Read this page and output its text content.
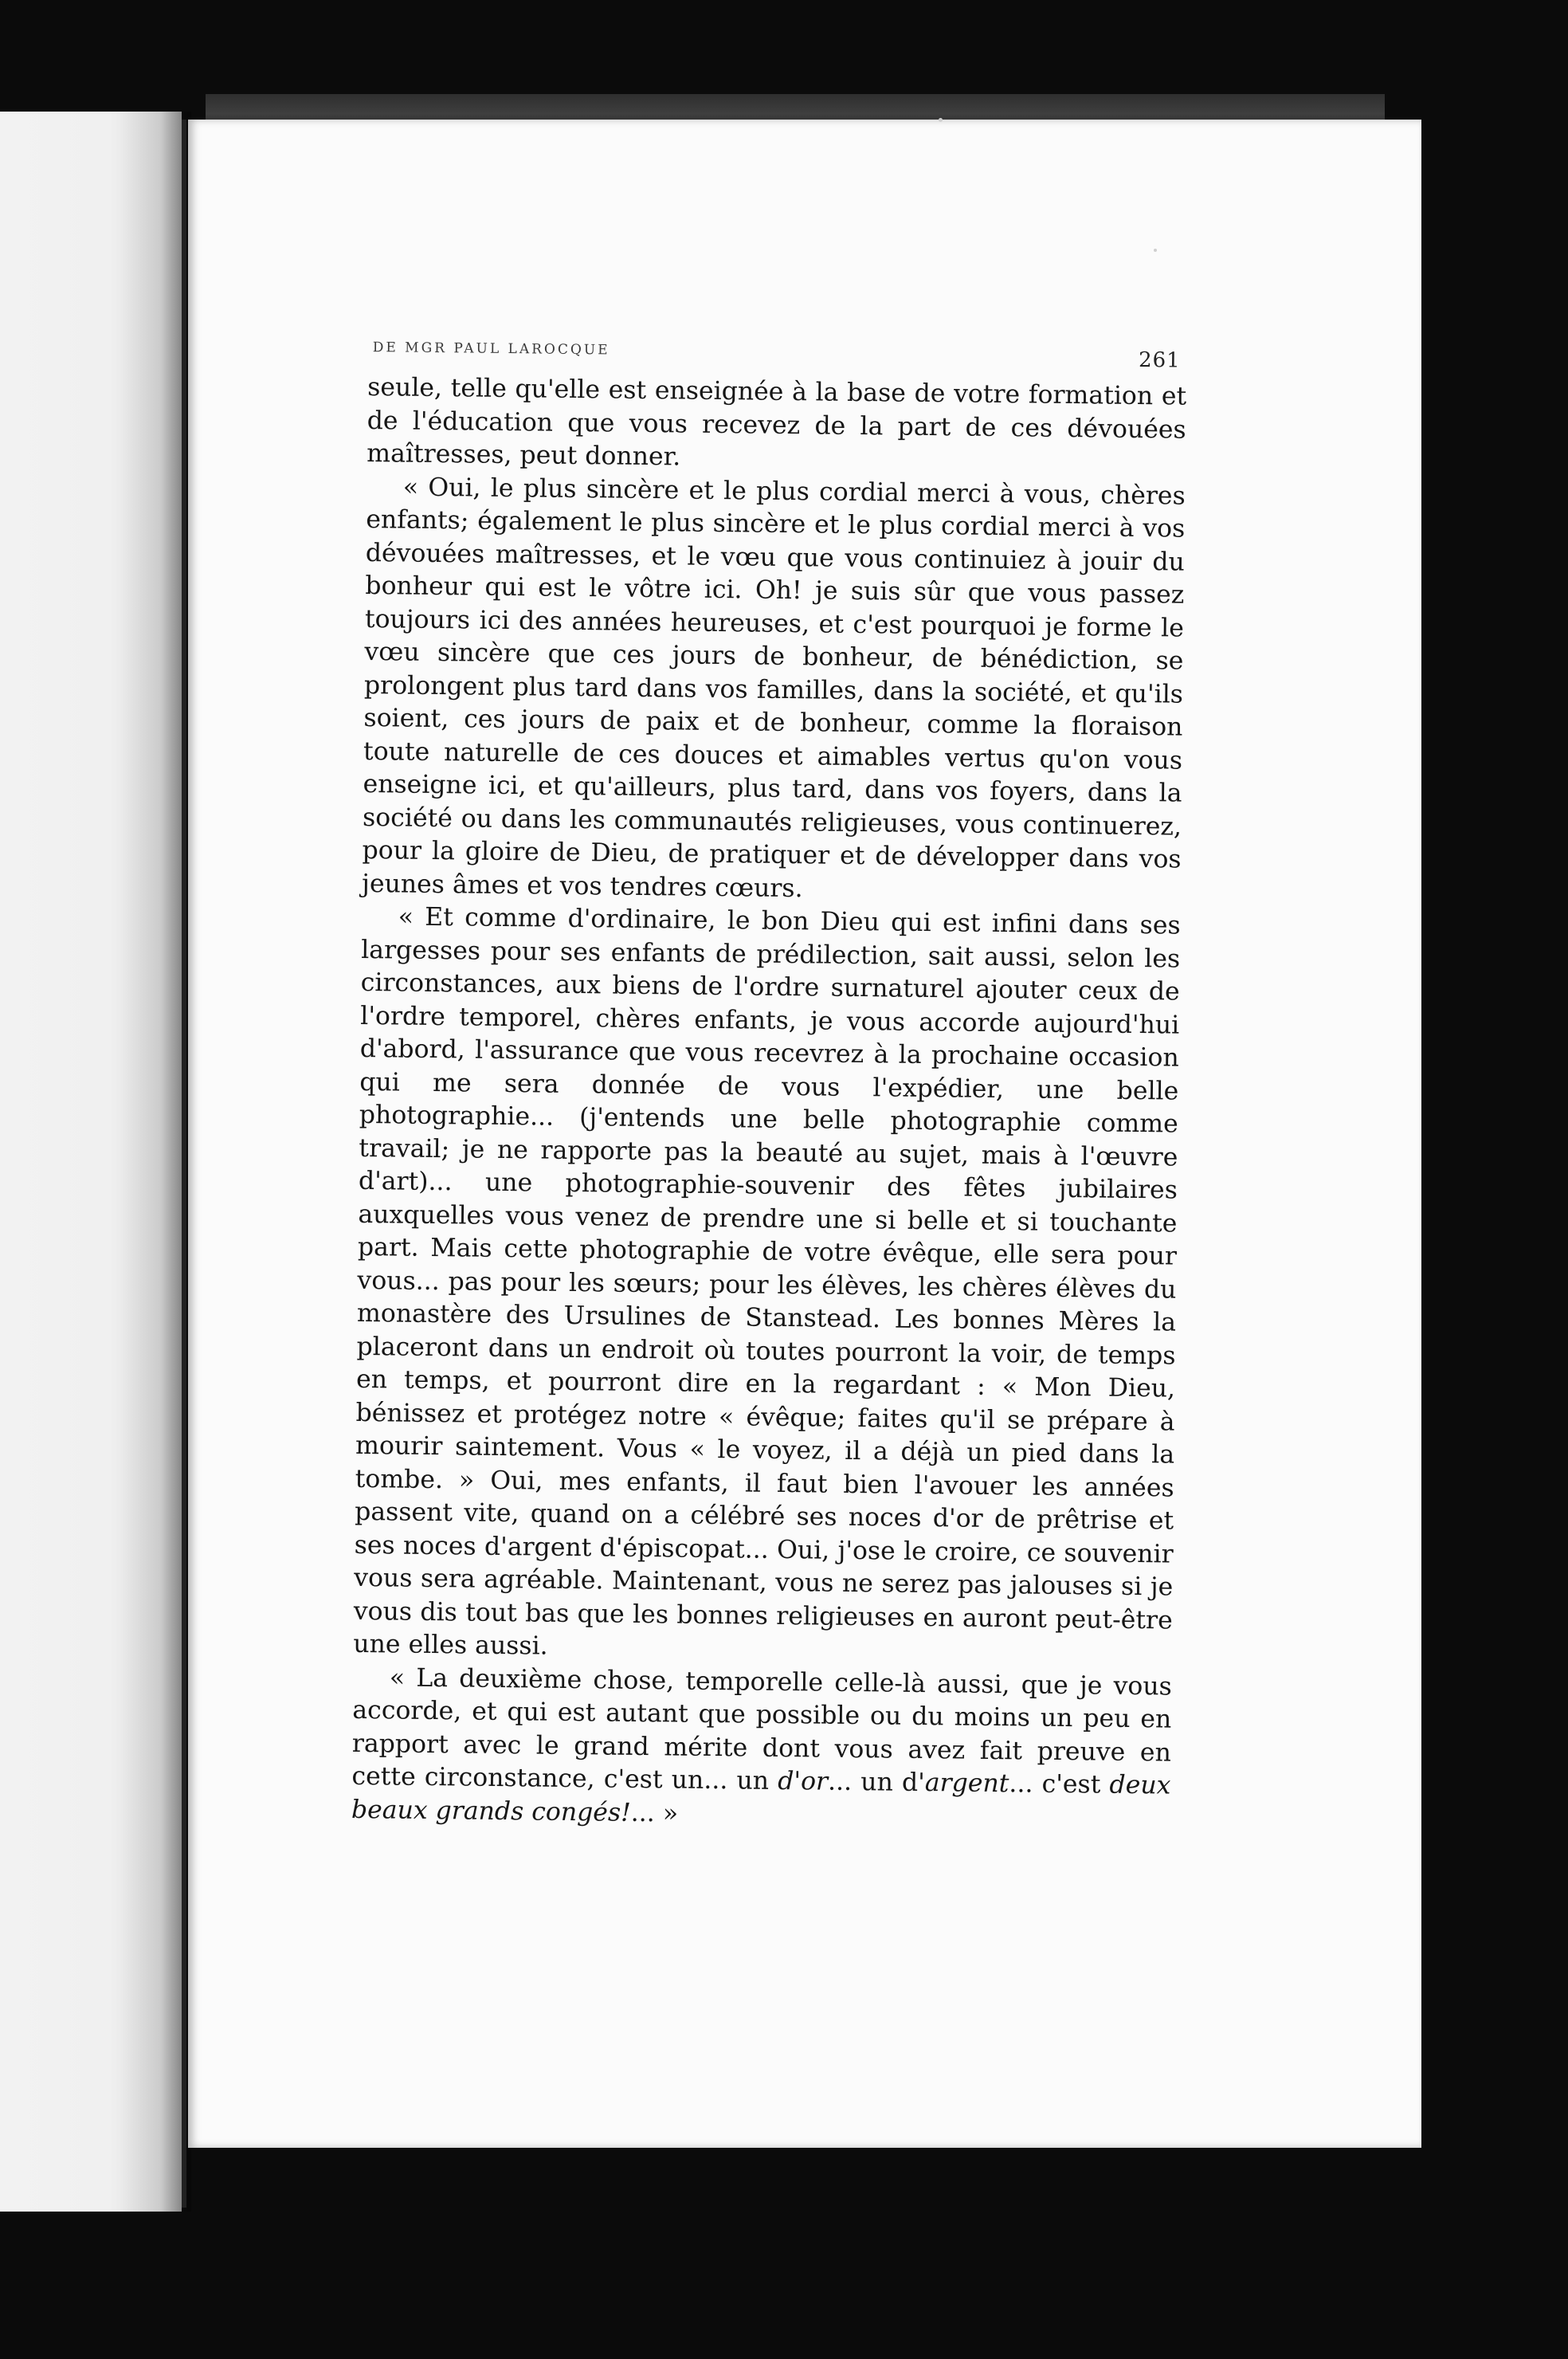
DE MGR PAUL LAROCQUE	261

seule, telle qu'elle est enseignée à la base de votre formation et de l'éducation que vous recevez de la part de ces dévouées maîtresses, peut donner.

« Oui, le plus sincère et le plus cordial merci à vous, chères enfants; également le plus sincère et le plus cordial merci à vos dévouées maîtresses, et le vœu que vous continuiez à jouir du bonheur qui est le vôtre ici. Oh! je suis sûr que vous passez toujours ici des années heureuses, et c'est pourquoi je forme le vœu sincère que ces jours de bonheur, de bénédiction, se prolongent plus tard dans vos familles, dans la société, et qu'ils soient, ces jours de paix et de bonheur, comme la floraison toute naturelle de ces douces et aimables vertus qu'on vous enseigne ici, et qu'ailleurs, plus tard, dans vos foyers, dans la société ou dans les communautés religieuses, vous continuerez, pour la gloire de Dieu, de pratiquer et de développer dans vos jeunes âmes et vos tendres cœurs.

« Et comme d'ordinaire, le bon Dieu qui est infini dans ses largesses pour ses enfants de prédilection, sait aussi, selon les circonstances, aux biens de l'ordre surnaturel ajouter ceux de l'ordre temporel, chères enfants, je vous accorde aujourd'hui d'abord, l'assurance que vous recevrez à la prochaine occasion qui me sera donnée de vous l'expédier, une belle photographie... (j'entends une belle photographie comme travail; je ne rapporte pas la beauté au sujet, mais à l'œuvre d'art)... une photographie-souvenir des fêtes jubilaires auxquelles vous venez de prendre une si belle et si touchante part. Mais cette photographie de votre évêque, elle sera pour vous... pas pour les sœurs; pour les élèves, les chères élèves du monastère des Ursulines de Stanstead. Les bonnes Mères la placeront dans un endroit où toutes pourront la voir, de temps en temps, et pourront dire en la regardant : « Mon Dieu, bénissez et protégez notre « évêque; faites qu'il se prépare à mourir saintement. Vous « le voyez, il a déjà un pied dans la tombe. » Oui, mes enfants, il faut bien l'avouer les années passent vite, quand on a célébré ses noces d'or de prêtrise et ses noces d'argent d'épiscopat... Oui, j'ose le croire, ce souvenir vous sera agréable. Maintenant, vous ne serez pas jalouses si je vous dis tout bas que les bonnes religieuses en auront peut-être une elles aussi.

« La deuxième chose, temporelle celle-là aussi, que je vous accorde, et qui est autant que possible ou du moins un peu en rapport avec le grand mérite dont vous avez fait preuve en cette circonstance, c'est un... un d'or... un d'argent... c'est deux beaux grands congés!... »
